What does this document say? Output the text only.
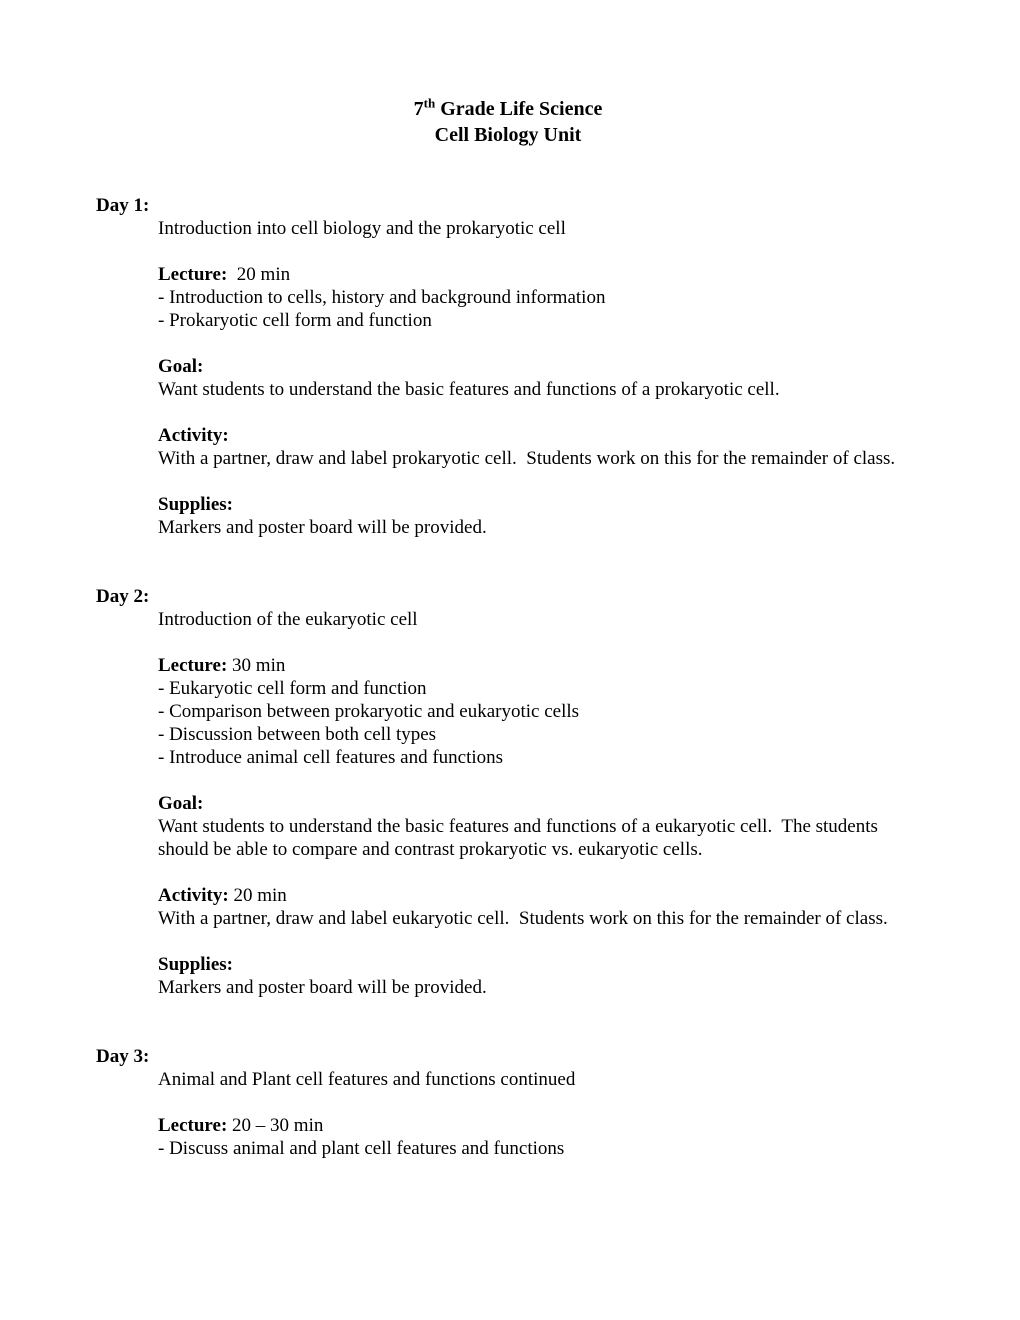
7th Grade Life Science
Cell Biology Unit
Day 1:

Introduction into cell biology and the prokaryotic cell

Lecture:  20 min

- Introduction to cells, history and background information

- Prokaryotic cell form and function

Goal:

Want students to understand the basic features and functions of a prokaryotic cell.

Activity:

With a partner, draw and label prokaryotic cell.  Students work on this for the remainder of class.

Supplies:

Markers and poster board will be provided.

Day 2:

Introduction of the eukaryotic cell

Lecture: 30 min

- Eukaryotic cell form and function

- Comparison between prokaryotic and eukaryotic cells

- Discussion between both cell types

- Introduce animal cell features and functions

Goal:

Want students to understand the basic features and functions of a eukaryotic cell.  The students should be able to compare and contrast prokaryotic vs. eukaryotic cells.

Activity: 20 min

With a partner, draw and label eukaryotic cell.  Students work on this for the remainder of class.

Supplies:

Markers and poster board will be provided.

Day 3:

Animal and Plant cell features and functions continued

Lecture: 20 – 30 min

- Discuss animal and plant cell features and functions
